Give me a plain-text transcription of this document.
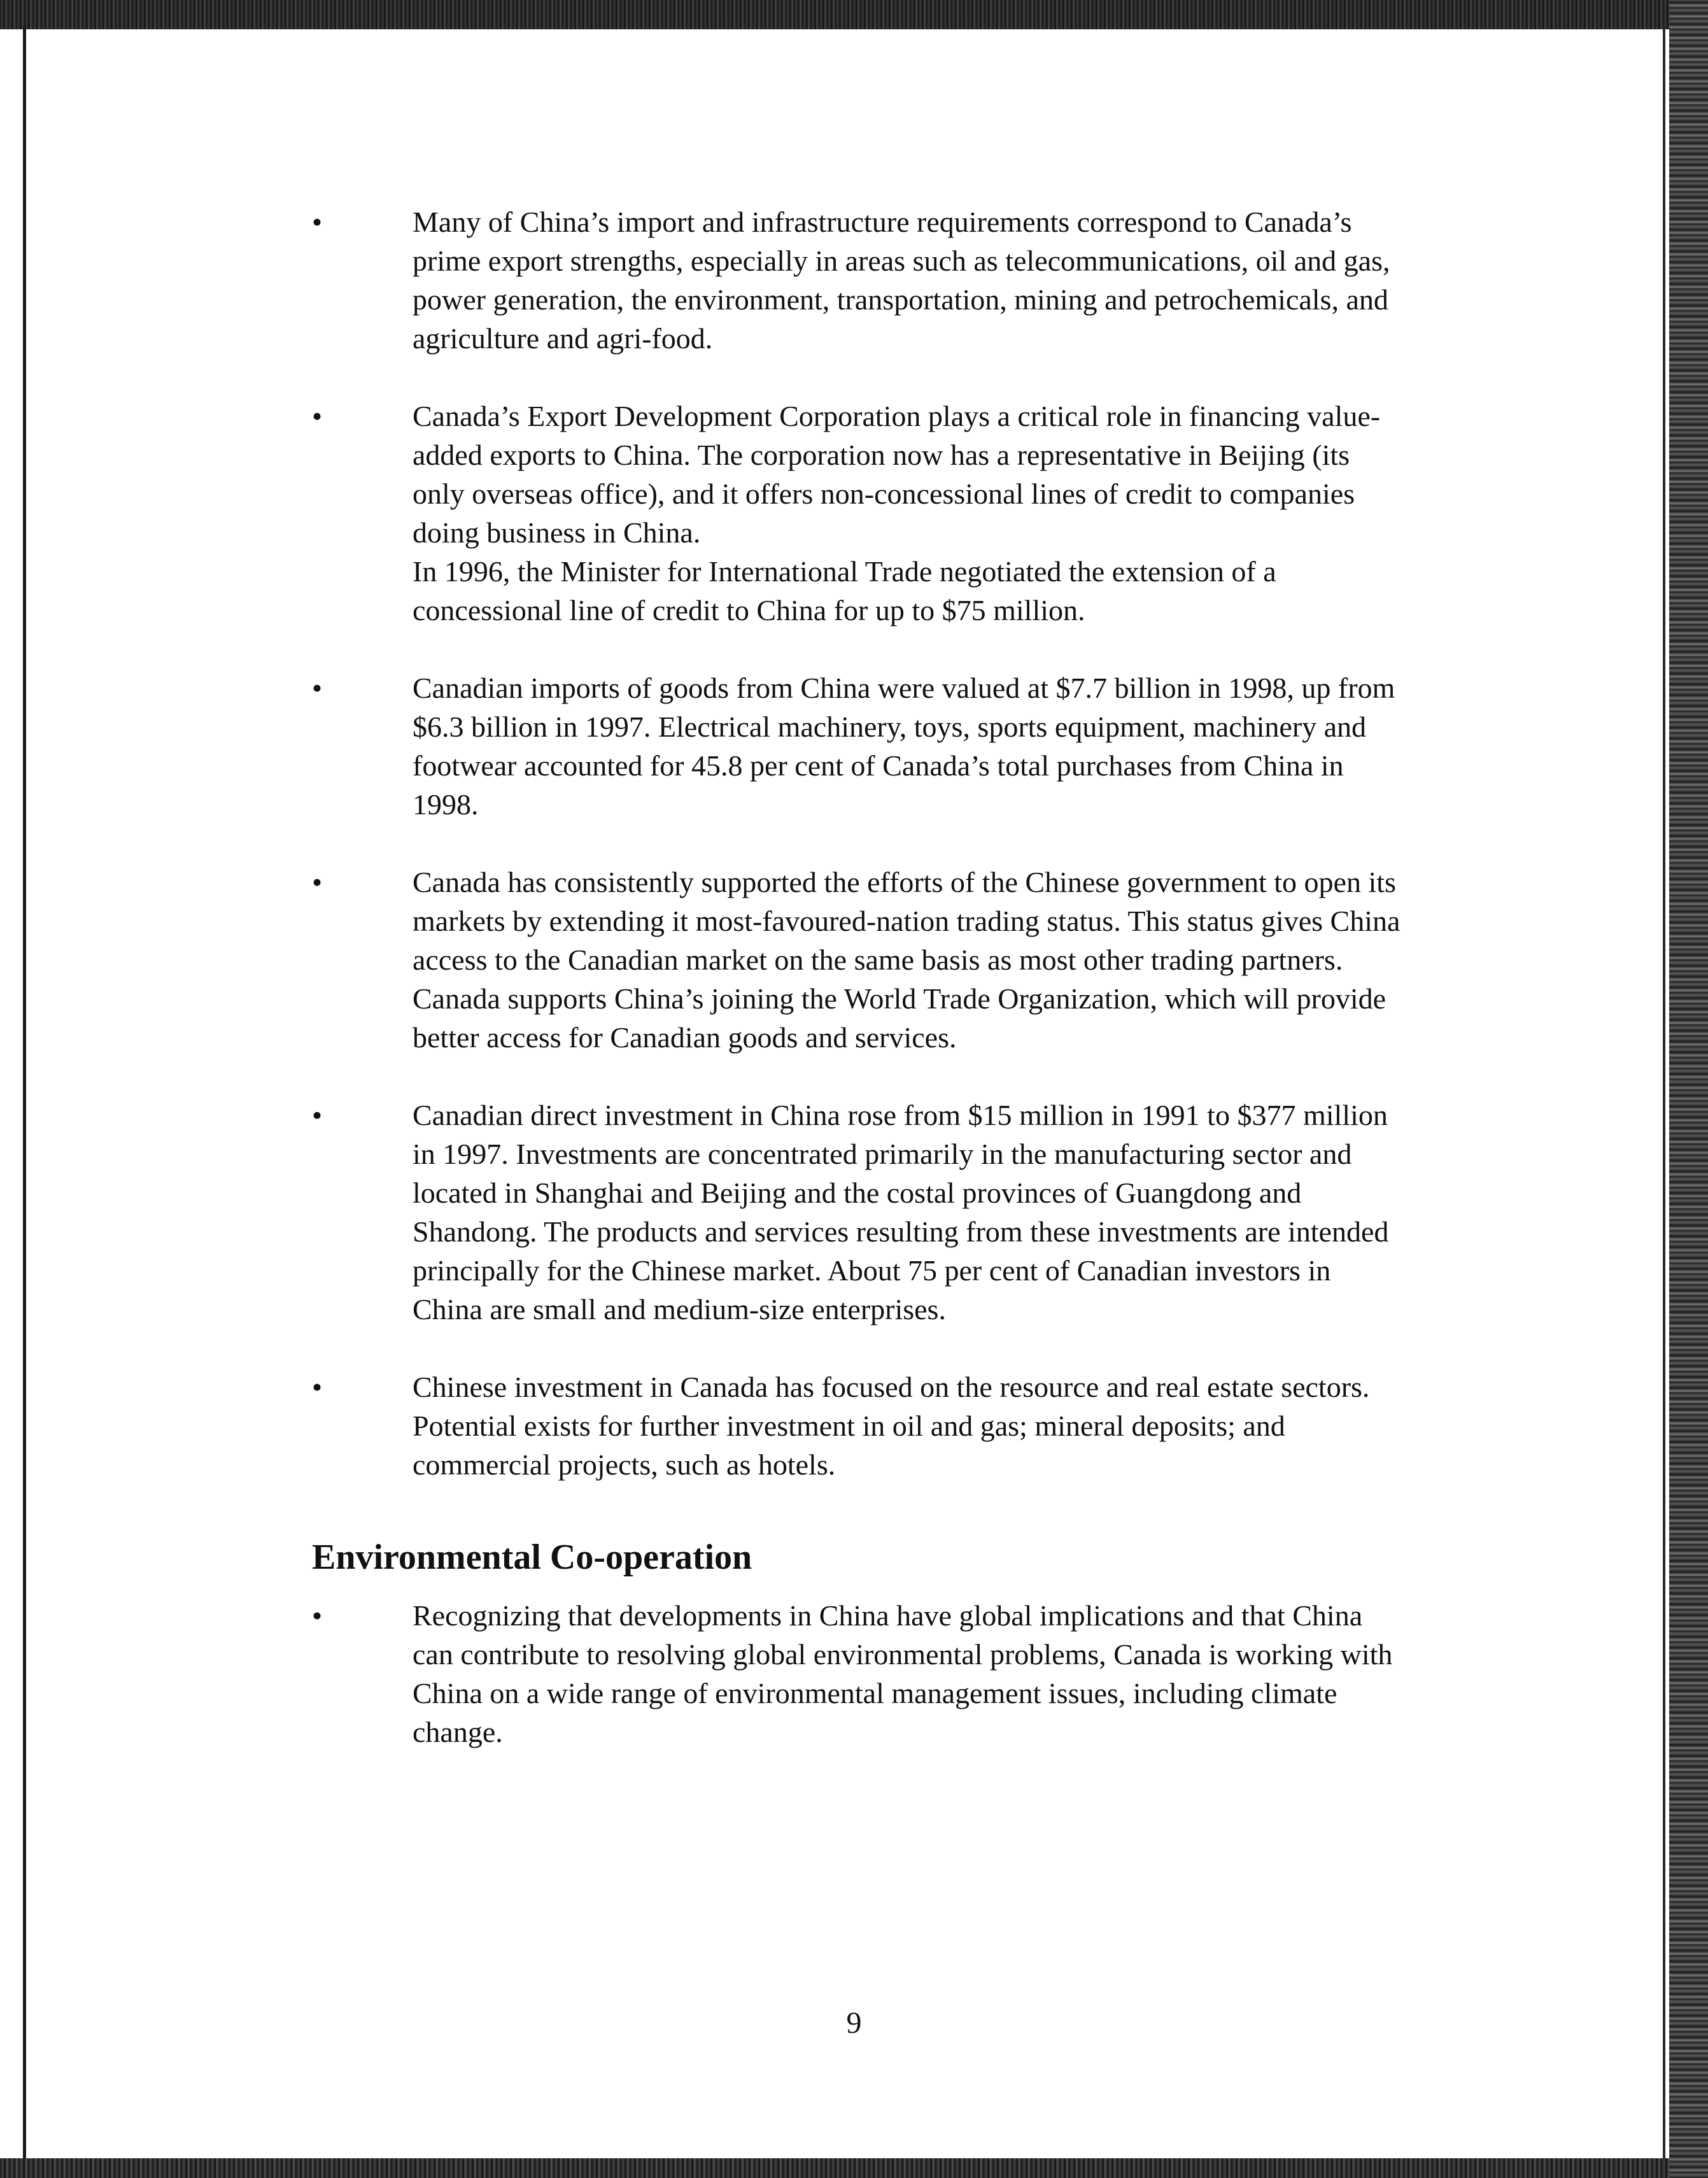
•	Many of China’s import and infrastructure requirements correspond to Canada’s prime export strengths, especially in areas such as telecommunications, oil and gas, power generation, the environment, transportation, mining and petrochemicals, and agriculture and agri-food.

•	Canada’s Export Development Corporation plays a critical role in financing value-added exports to China. The corporation now has a representative in Beijing (its only overseas office), and it offers non-concessional lines of credit to companies doing business in China.

In 1996, the Minister for International Trade negotiated the extension of a concessional line of credit to China for up to $75 million.

•	Canadian imports of goods from China were valued at $7.7 billion in 1998, up from $6.3 billion in 1997. Electrical machinery, toys, sports equipment, machinery and footwear accounted for 45.8 per cent of Canada’s total purchases from China in 1998.

•	Canada has consistently supported the efforts of the Chinese government to open its markets by extending it most-favoured-nation trading status. This status gives China access to the Canadian market on the same basis as most other trading partners. Canada supports China’s joining the World Trade Organization, which will provide better access for Canadian goods and services.

•	Canadian direct investment in China rose from $15 million in 1991 to $377 million in 1997. Investments are concentrated primarily in the manufacturing sector and located in Shanghai and Beijing and the costal provinces of Guangdong and Shandong. The products and services resulting from these investments are intended principally for the Chinese market. About 75 per cent of Canadian investors in China are small and medium-size enterprises.

•	Chinese investment in Canada has focused on the resource and real estate sectors. Potential exists for further investment in oil and gas; mineral deposits; and commercial projects, such as hotels.

Environmental Co-operation
•	Recognizing that developments in China have global implications and that China can contribute to resolving global environmental problems, Canada is working with China on a wide range of environmental management issues, including climate change.

9
